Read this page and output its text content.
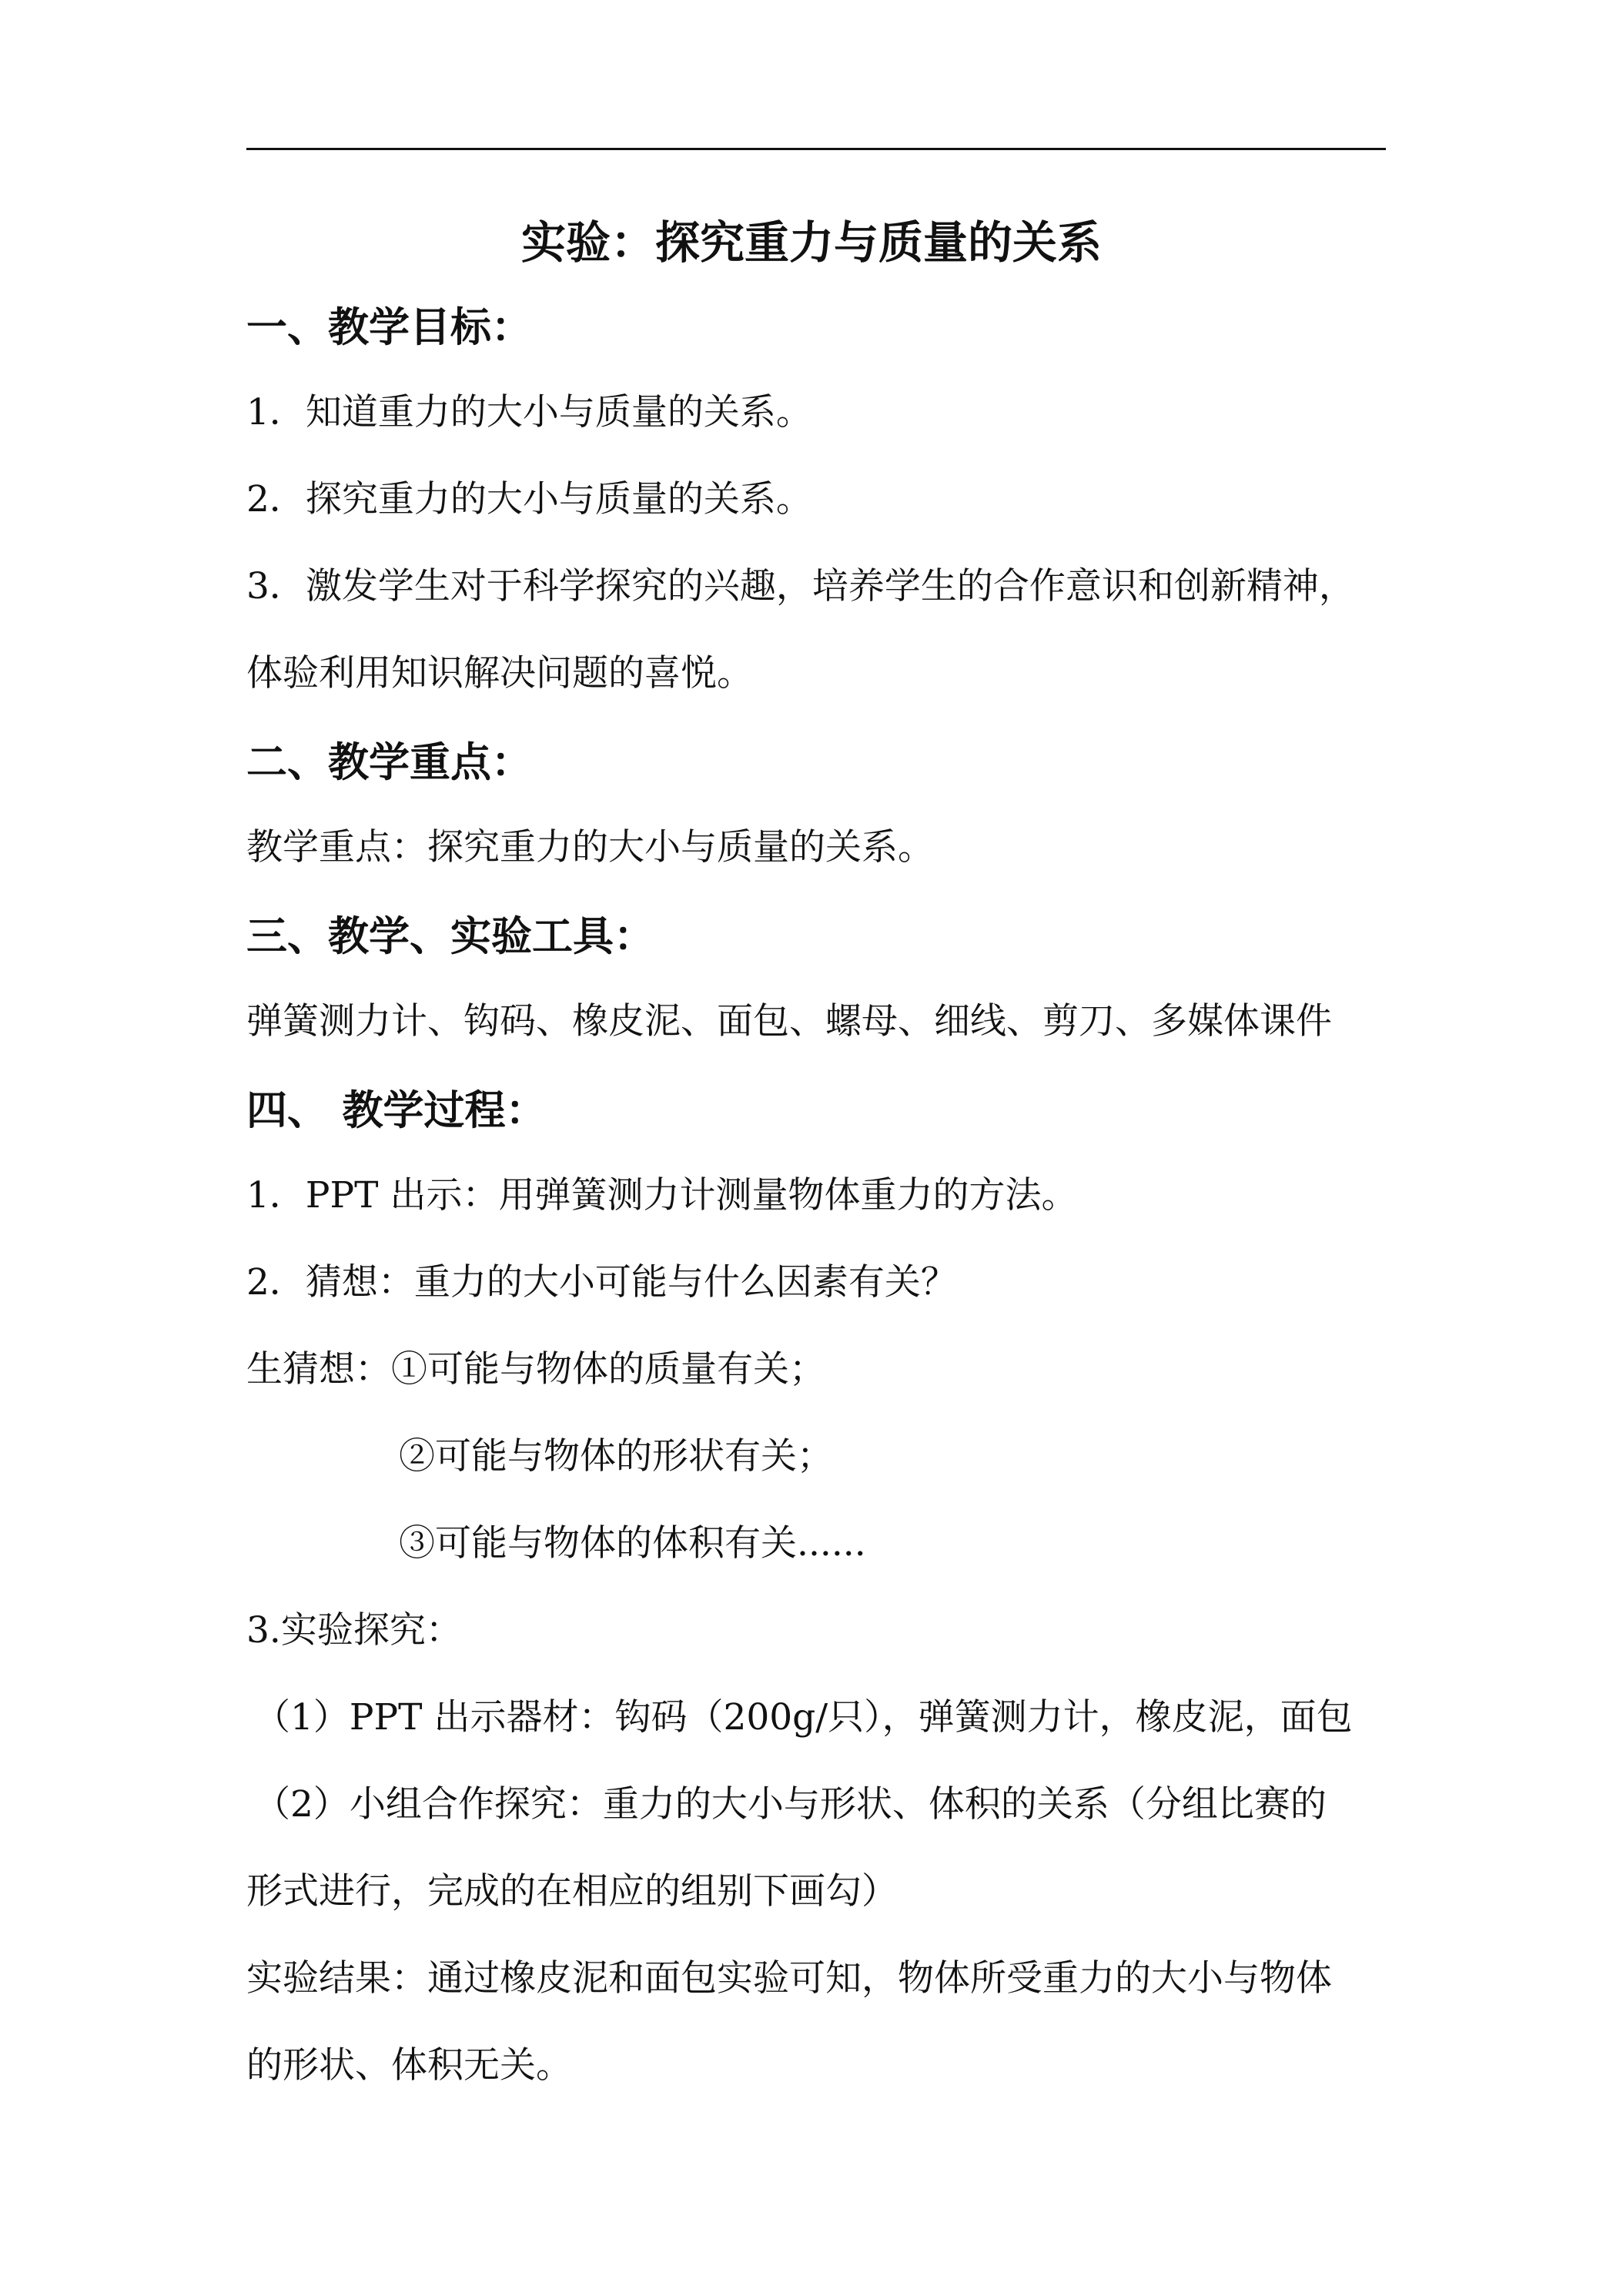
实验：探究重力与质量的关系
一、教学目标：
1．知道重力的大小与质量的关系。
2．探究重力的大小与质量的关系。
3．激发学生对于科学探究的兴趣，培养学生的合作意识和创新精神，
体验利用知识解决问题的喜悦。
二、教学重点：
教学重点：探究重力的大小与质量的关系。
三、教学、实验工具：
弹簧测力计、钩码、橡皮泥、面包、螺母、细线、剪刀、多媒体课件
四、 教学过程：
1．PPT 出示：用弹簧测力计测量物体重力的方法。
2．猜想：重力的大小可能与什么因素有关？
生猜想：①可能与物体的质量有关；
②可能与物体的形状有关；
③可能与物体的体积有关......
3.实验探究：
（1）PPT 出示器材：钩码（200g/只），弹簧测力计，橡皮泥，面包
（2）小组合作探究：重力的大小与形状、体积的关系（分组比赛的
形式进行，完成的在相应的组别下画勾）
实验结果：通过橡皮泥和面包实验可知，物体所受重力的大小与物体
的形状、体积无关。
